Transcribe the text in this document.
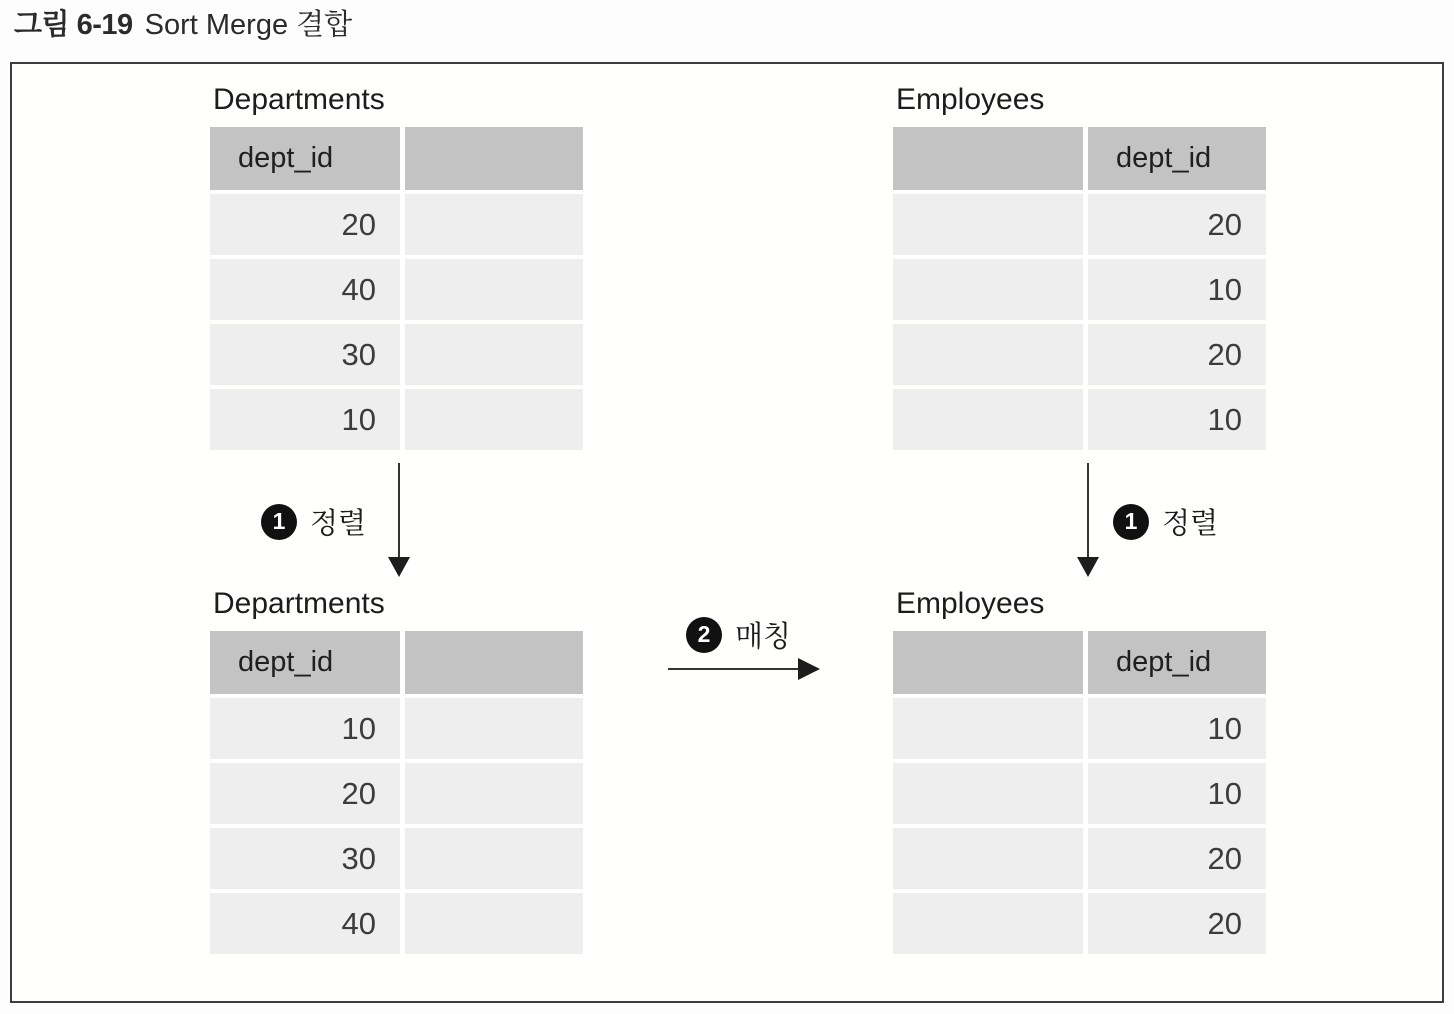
그림 6-19 Sort Merge 결합
Departments
dept_id
20
40
30
10
Employees
dept_id
20
10
20
10
1 정렬	1 정렬
2 매칭
Departments
dept_id
10
20
30
40
Employees
dept_id
10
10
20
20
